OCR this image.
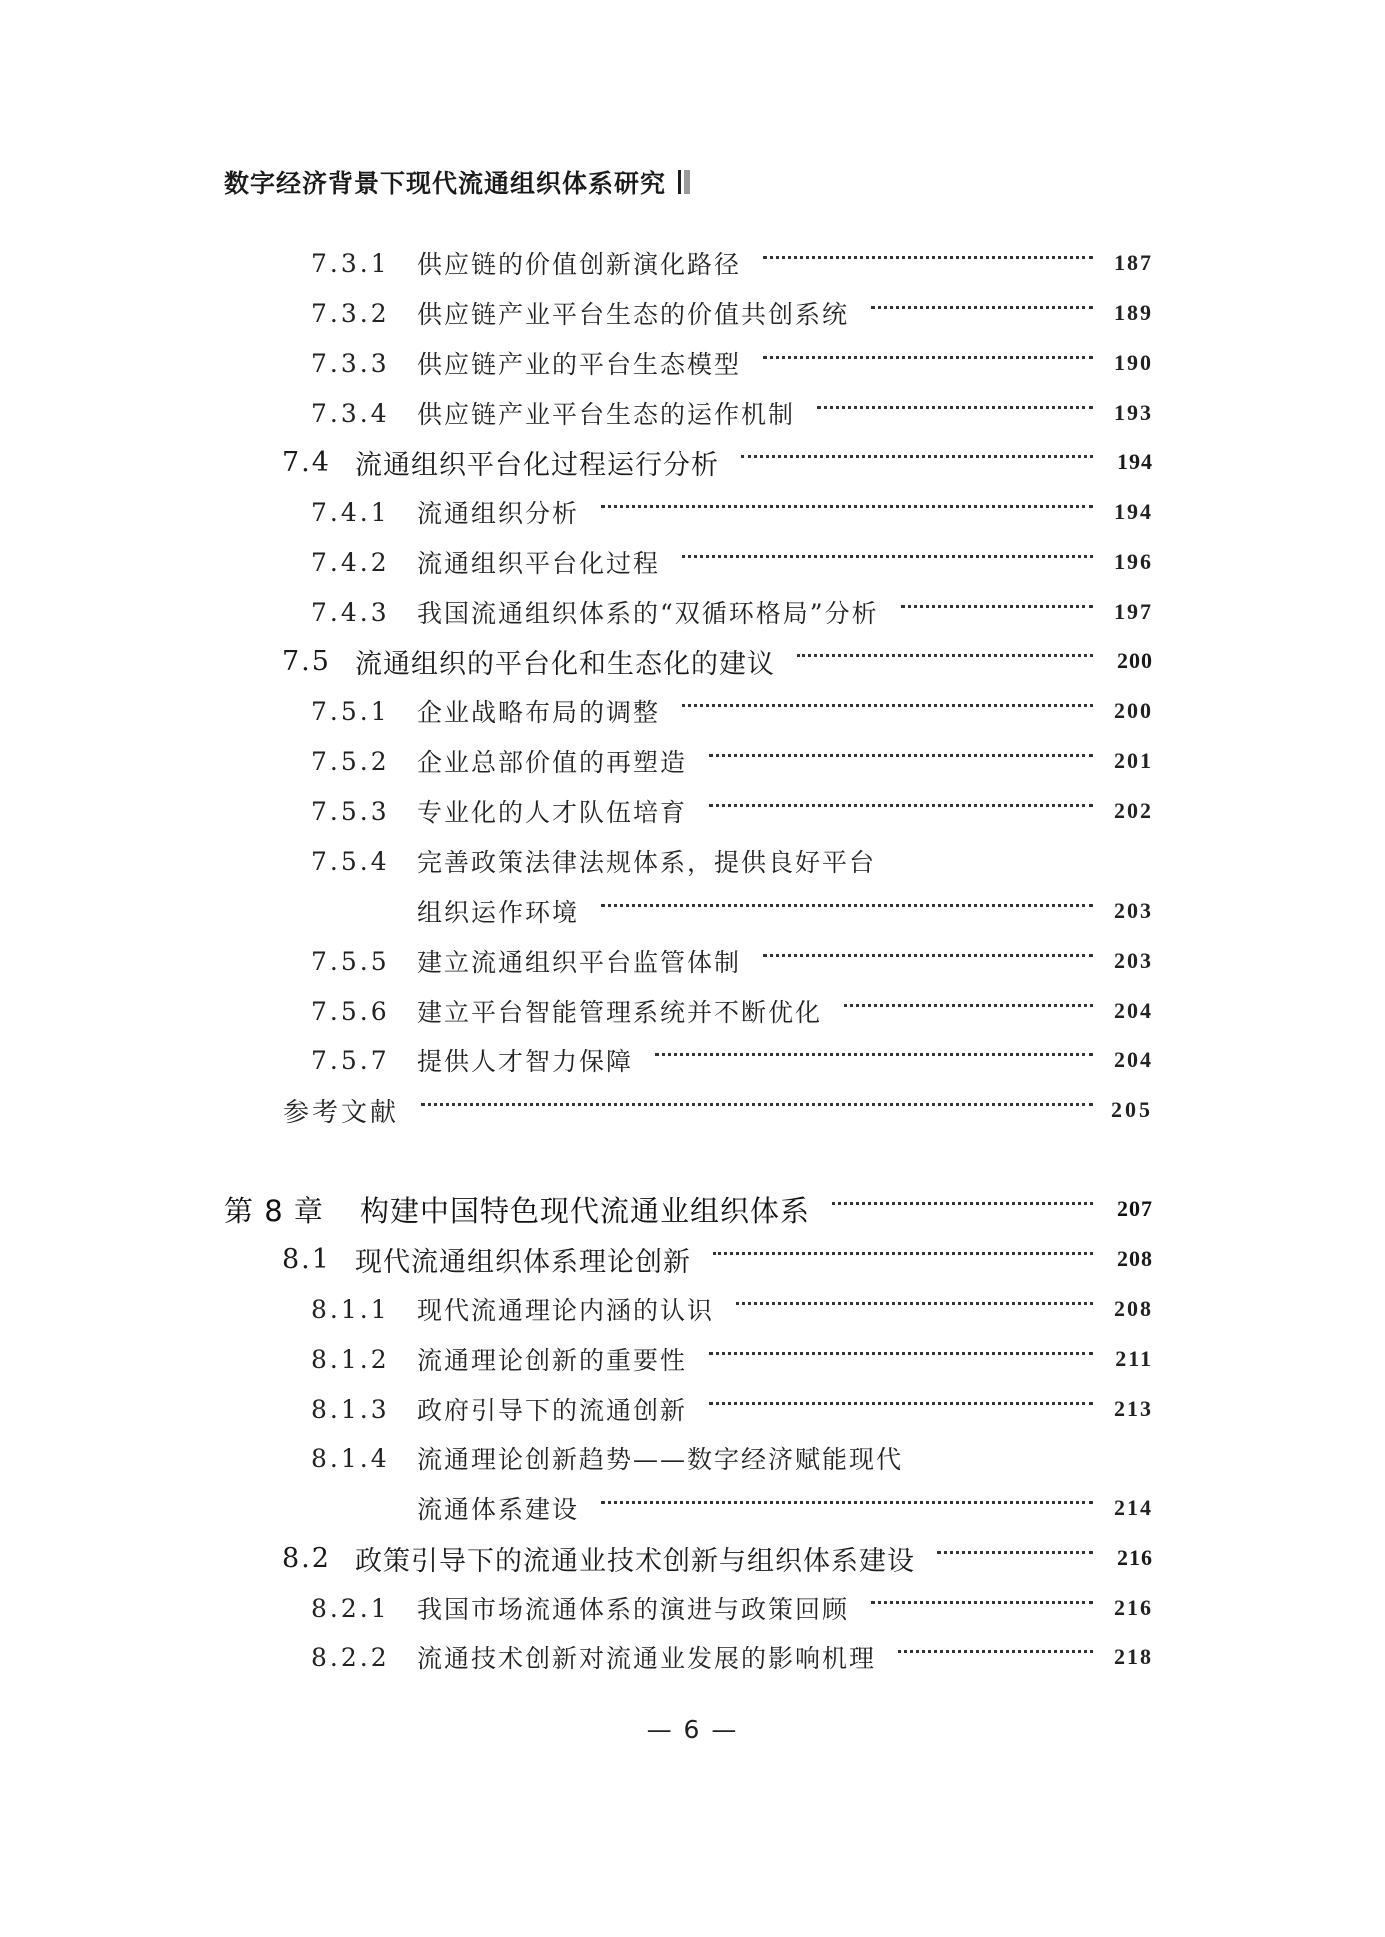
数字经济背景下现代流通组织体系研究
7.3.1 供应链的价值创新演化路径	187
7.3.2 供应链产业平台生态的价值共创系统	189
7.3.3 供应链产业的平台生态模型	190
7.3.4 供应链产业平台生态的运作机制	193
7.4 流通组织平台化过程运行分析	194
7.4.1 流通组织分析	194
7.4.2 流通组织平台化过程	196
7.4.3 我国流通组织体系的“双循环格局”分析	197
7.5 流通组织的平台化和生态化的建议	200
7.5.1 企业战略布局的调整	200
7.5.2 企业总部价值的再塑造	201
7.5.3 专业化的人才队伍培育	202
7.5.4 完善政策法律法规体系，提供良好平台
组织运作环境	203
7.5.5 建立流通组织平台监管体制	203
7.5.6 建立平台智能管理系统并不断优化	204
7.5.7 提供人才智力保障	204
参考文献	205
第 8 章 构建中国特色现代流通业组织体系	207
8.1 现代流通组织体系理论创新	208
8.1.1 现代流通理论内涵的认识	208
8.1.2 流通理论创新的重要性	211
8.1.3 政府引导下的流通创新	213
8.1.4 流通理论创新趋势——数字经济赋能现代
流通体系建设	214
8.2 政策引导下的流通业技术创新与组织体系建设	216
8.2.1 我国市场流通体系的演进与政策回顾	216
8.2.2 流通技术创新对流通业发展的影响机理	218
— 6 —
